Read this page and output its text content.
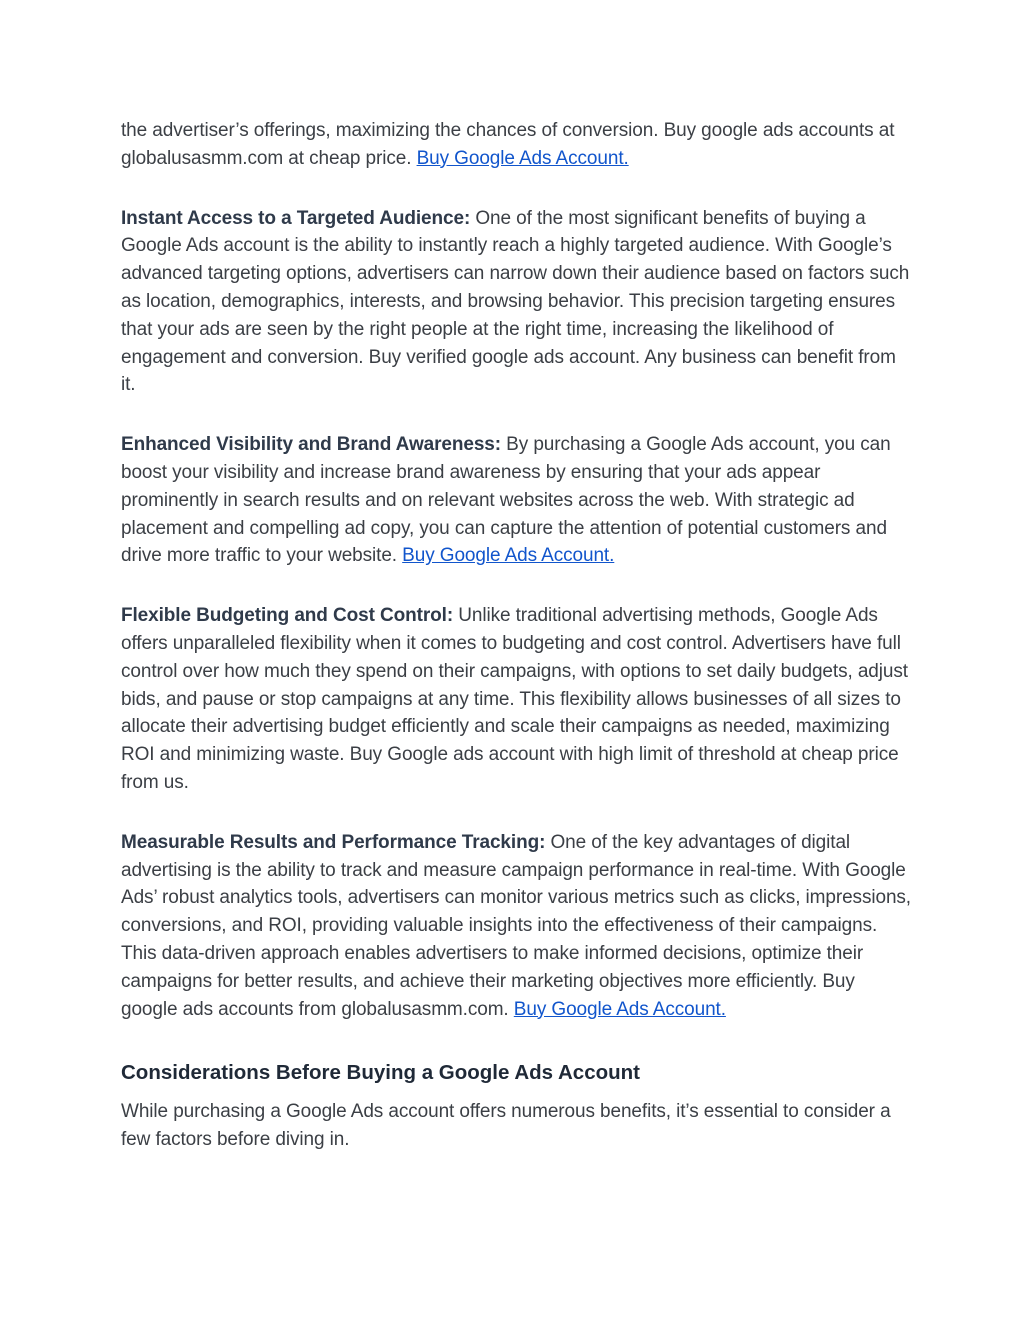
the advertiser’s offerings, maximizing the chances of conversion. Buy google ads accounts at globalusasmm.com at cheap price. Buy Google Ads Account.

Instant Access to a Targeted Audience: One of the most significant benefits of buying a Google Ads account is the ability to instantly reach a highly targeted audience. With Google’s advanced targeting options, advertisers can narrow down their audience based on factors such as location, demographics, interests, and browsing behavior. This precision targeting ensures that your ads are seen by the right people at the right time, increasing the likelihood of engagement and conversion. Buy verified google ads account. Any business can benefit from it.

Enhanced Visibility and Brand Awareness: By purchasing a Google Ads account, you can boost your visibility and increase brand awareness by ensuring that your ads appear prominently in search results and on relevant websites across the web. With strategic ad placement and compelling ad copy, you can capture the attention of potential customers and drive more traffic to your website. Buy Google Ads Account.

Flexible Budgeting and Cost Control: Unlike traditional advertising methods, Google Ads offers unparalleled flexibility when it comes to budgeting and cost control. Advertisers have full control over how much they spend on their campaigns, with options to set daily budgets, adjust bids, and pause or stop campaigns at any time. This flexibility allows businesses of all sizes to allocate their advertising budget efficiently and scale their campaigns as needed, maximizing ROI and minimizing waste. Buy Google ads account with high limit of threshold at cheap price from us.

Measurable Results and Performance Tracking: One of the key advantages of digital advertising is the ability to track and measure campaign performance in real-time. With Google Ads’ robust analytics tools, advertisers can monitor various metrics such as clicks, impressions, conversions, and ROI, providing valuable insights into the effectiveness of their campaigns. This data-driven approach enables advertisers to make informed decisions, optimize their campaigns for better results, and achieve their marketing objectives more efficiently. Buy google ads accounts from globalusasmm.com. Buy Google Ads Account.

Considerations Before Buying a Google Ads Account

While purchasing a Google Ads account offers numerous benefits, it’s essential to consider a few factors before diving in.
